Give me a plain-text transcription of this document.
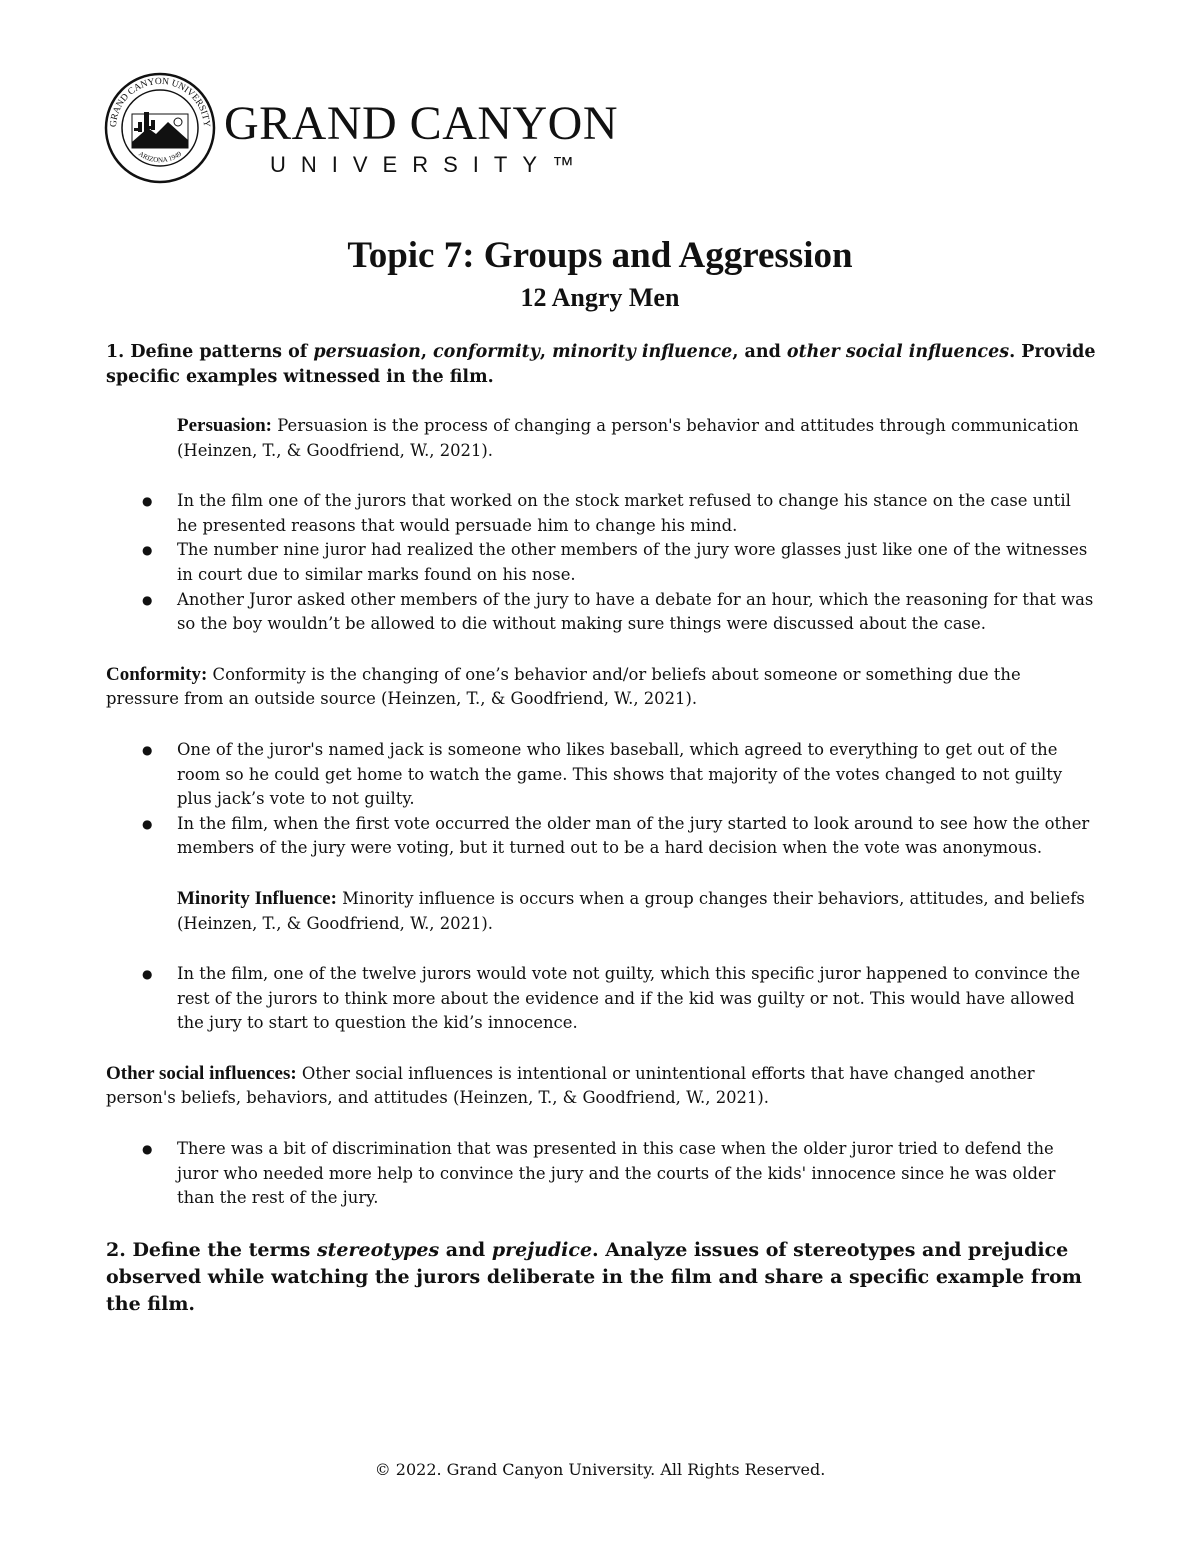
GRAND CANYON UNIVERSITY
ARIZONA 1949
GRAND CANYON
UNIVERSITY™
Topic 7: Groups and Aggression
12 Angry Men

1. Define patterns of persuasion, conformity, minority influence, and other social influences. Provide specific examples witnessed in the film.

Persuasion: Persuasion is the process of changing a person's behavior and attitudes through communication (Heinzen, T., & Goodfriend, W., 2021).

● In the film one of the jurors that worked on the stock market refused to change his stance on the case until he presented reasons that would persuade him to change his mind.
● The number nine juror had realized the other members of the jury wore glasses just like one of the witnesses in court due to similar marks found on his nose.
● Another Juror asked other members of the jury to have a debate for an hour, which the reasoning for that was so the boy wouldn’t be allowed to die without making sure things were discussed about the case.

Conformity: Conformity is the changing of one’s behavior and/or beliefs about someone or something due the pressure from an outside source (Heinzen, T., & Goodfriend, W., 2021).

● One of the juror's named jack is someone who likes baseball, which agreed to everything to get out of the room so he could get home to watch the game. This shows that majority of the votes changed to not guilty plus jack’s vote to not guilty.
● In the film, when the first vote occurred the older man of the jury started to look around to see how the other members of the jury were voting, but it turned out to be a hard decision when the vote was anonymous.

Minority Influence: Minority influence is occurs when a group changes their behaviors, attitudes, and beliefs (Heinzen, T., & Goodfriend, W., 2021).

● In the film, one of the twelve jurors would vote not guilty, which this specific juror happened to convince the rest of the jurors to think more about the evidence and if the kid was guilty or not. This would have allowed the jury to start to question the kid’s innocence.

Other social influences: Other social influences is intentional or unintentional efforts that have changed another person's beliefs, behaviors, and attitudes (Heinzen, T., & Goodfriend, W., 2021).

● There was a bit of discrimination that was presented in this case when the older juror tried to defend the juror who needed more help to convince the jury and the courts of the kids' innocence since he was older than the rest of the jury.

2. Define the terms stereotypes and prejudice. Analyze issues of stereotypes and prejudice observed while watching the jurors deliberate in the film and share a specific example from the film.

© 2022. Grand Canyon University. All Rights Reserved.
